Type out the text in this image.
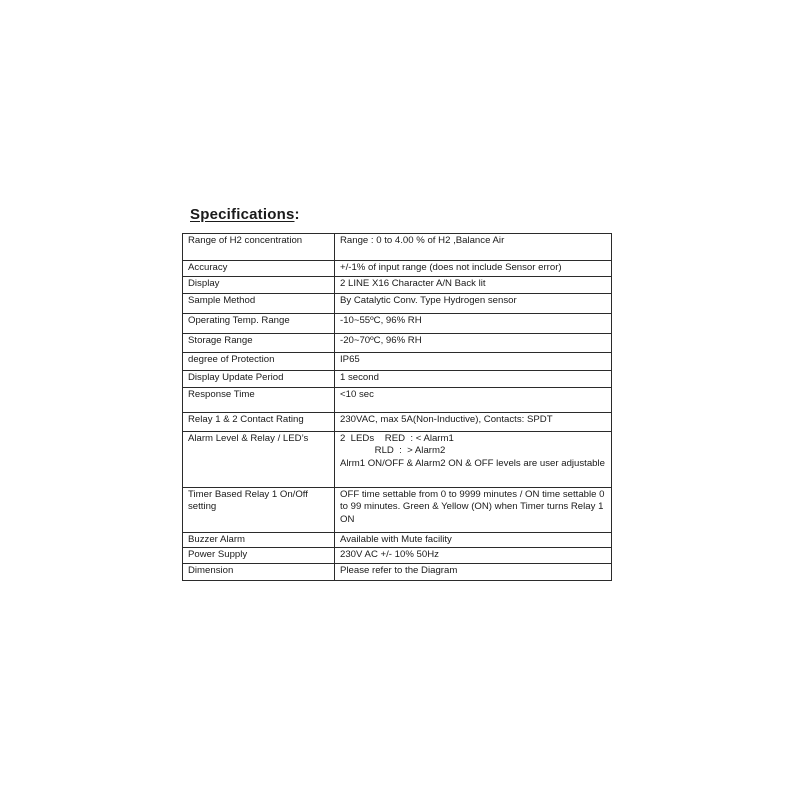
Specifications:
Range of H2 concentration	Range : 0 to 4.00 % of H2 ,Balance Air
Accuracy	+/-1% of input range (does not include Sensor error)
Display	2 LINE X16 Character A/N Back lit
Sample Method	By Catalytic Conv. Type Hydrogen sensor
Operating Temp. Range	-10~55ºC, 96% RH
Storage Range	-20~70ºC, 96% RH
degree of Protection	IP65
Display Update Period	1 second
Response Time	<10 sec
Relay 1 & 2 Contact Rating	230VAC, max 5A(Non-Inductive), Contacts: SPDT
Alarm Level & Relay / LED’s	2  LEDs    RED  : < Alarm1
RLD  :  > Alarm2
Alrm1 ON/OFF & Alarm2 ON & OFF levels are user adjustable

Timer Based Relay 1 On/Off setting	OFF time settable from 0 to 9999 minutes / ON time settable 0 to 99 minutes. Green & Yellow (ON) when Timer turns Relay 1 ON
Buzzer Alarm	Available with Mute facility
Power Supply	230V AC +/- 10% 50Hz
Dimension	Please refer to the Diagram
